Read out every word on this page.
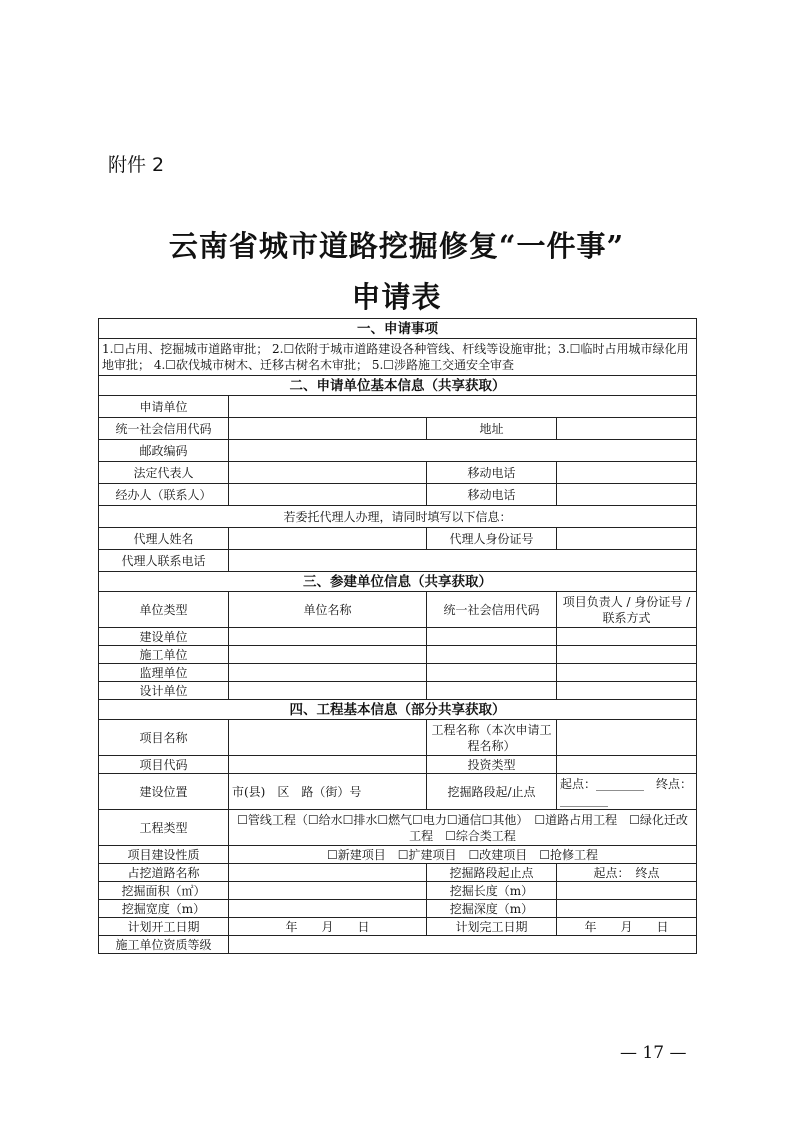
附件 2
云南省城市道路挖掘修复“一件事”
申请表
一、申请事项			
1.☐占用、挖掘城市道路审批； 2.☐依附于城市道路建设各种管线、杆线等设施审批；3.☐临时占用城市绿化用地审批； 4.☐砍伐城市树木、迁移古树名木审批； 5.☐涉路施工交通安全审查			
二、申请单位基本信息（共享获取）			
申请单位			
统一社会信用代码		地址	
邮政编码			
法定代表人		移动电话	
经办人（联系人）		移动电话	
若委托代理人办理，请同时填写以下信息：			
代理人姓名		代理人身份证号	
代理人联系电话			
三、参建单位信息（共享获取）			
单位类型	单位名称	统一社会信用代码	项目负责人 / 身份证号 / 联系方式
建设单位			
施工单位			
监理单位			
设计单位			
四、工程基本信息（部分共享获取）			
项目名称		工程名称（本次申请工程名称）	
项目代码		投资类型	
建设位置	市(县)　区　路（街）号	挖掘路段起/止点	起点：________　终点：________
工程类型	☐管线工程（☐给水☐排水☐燃气☐电力☐通信☐其他）　☐道路占用工程　☐绿化迁改工程　☐综合类工程		
项目建设性质	☐新建项目　☐扩建项目　☐改建项目　☐抢修工程		
占挖道路名称		挖掘路段起止点	起点：　终点
挖掘面积（㎡）		挖掘长度（m）	
挖掘宽度（m）		挖掘深度（m）	
计划开工日期	年　　月　　日	计划完工日期	年　　月　　日
施工单位资质等级			
— 17 —
